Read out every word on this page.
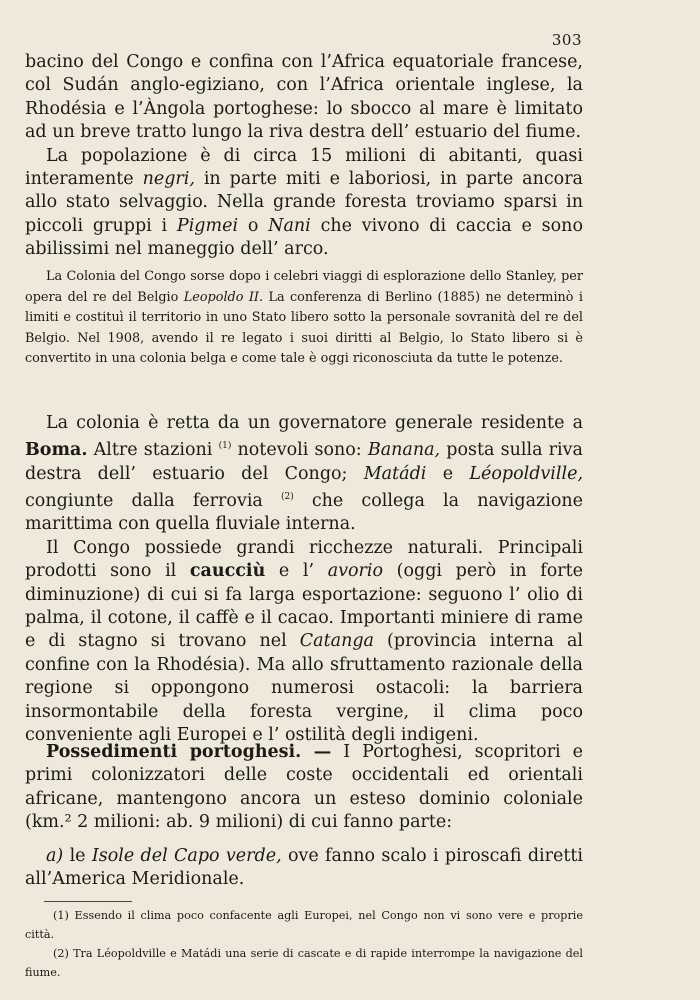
303

bacino del Congo e confina con l’Africa equatoriale francese, col Sudán anglo-egiziano, con l’Africa orientale inglese, la Rhodésia e l’Àngola portoghese: lo sbocco al mare è limitato ad un breve tratto lungo la riva destra dell’ estuario del fiume.

La popolazione è di circa 15 milioni di abitanti, quasi interamente negri, in parte miti e laboriosi, in parte ancora allo stato selvaggio. Nella grande foresta troviamo sparsi in piccoli gruppi i Pigmei o Nani che vivono di caccia e sono abilissimi nel maneggio dell’ arco.

La Colonia del Congo sorse dopo i celebri viaggi di esplorazione dello Stanley, per opera del re del Belgio Leopoldo II. La conferenza di Berlino (1885) ne determinò i limiti e costituì il territorio in uno Stato libero sotto la personale sovranità del re del Belgio. Nel 1908, avendo il re legato i suoi diritti al Belgio, lo Stato libero si è convertito in una colonia belga e come tale è oggi riconosciuta da tutte le potenze.

La colonia è retta da un governatore generale residente a Boma. Altre stazioni $^{(1)}$ notevoli sono: Banana, posta sulla riva destra dell’ estuario del Congo; Matádi e Léopoldville, congiunte dalla ferrovia $^{(2)}$ che collega la navigazione marittima con quella fluviale interna.

Il Congo possiede grandi ricchezze naturali. Principali prodotti sono il caucciù e l’ avorio (oggi però in forte diminuzione) di cui si fa larga esportazione: seguono l’ olio di palma, il cotone, il caffè e il cacao. Importanti miniere di rame e di stagno si trovano nel Catanga (provincia interna al confine con la Rhodésia). Ma allo sfruttamento razionale della regione si oppongono numerosi ostacoli: la barriera insormontabile della foresta vergine, il clima poco conveniente agli Europei e l’ ostilità degli indigeni.

Possedimenti portoghesi. — I Portoghesi, scopritori e primi colonizzatori delle coste occidentali ed orientali africane, mantengono ancora un esteso dominio coloniale (km.² 2 milioni: ab. 9 milioni) di cui fanno parte:

a) le Isole del Capo verde, ove fanno scalo i piroscafi diretti all’America Meridionale.

(1) Essendo il clima poco confacente agli Europei, nel Congo non vi sono vere e proprie città.

(2) Tra Léopoldville e Matádi una serie di cascate e di rapide interrompe la navigazione del fiume.
